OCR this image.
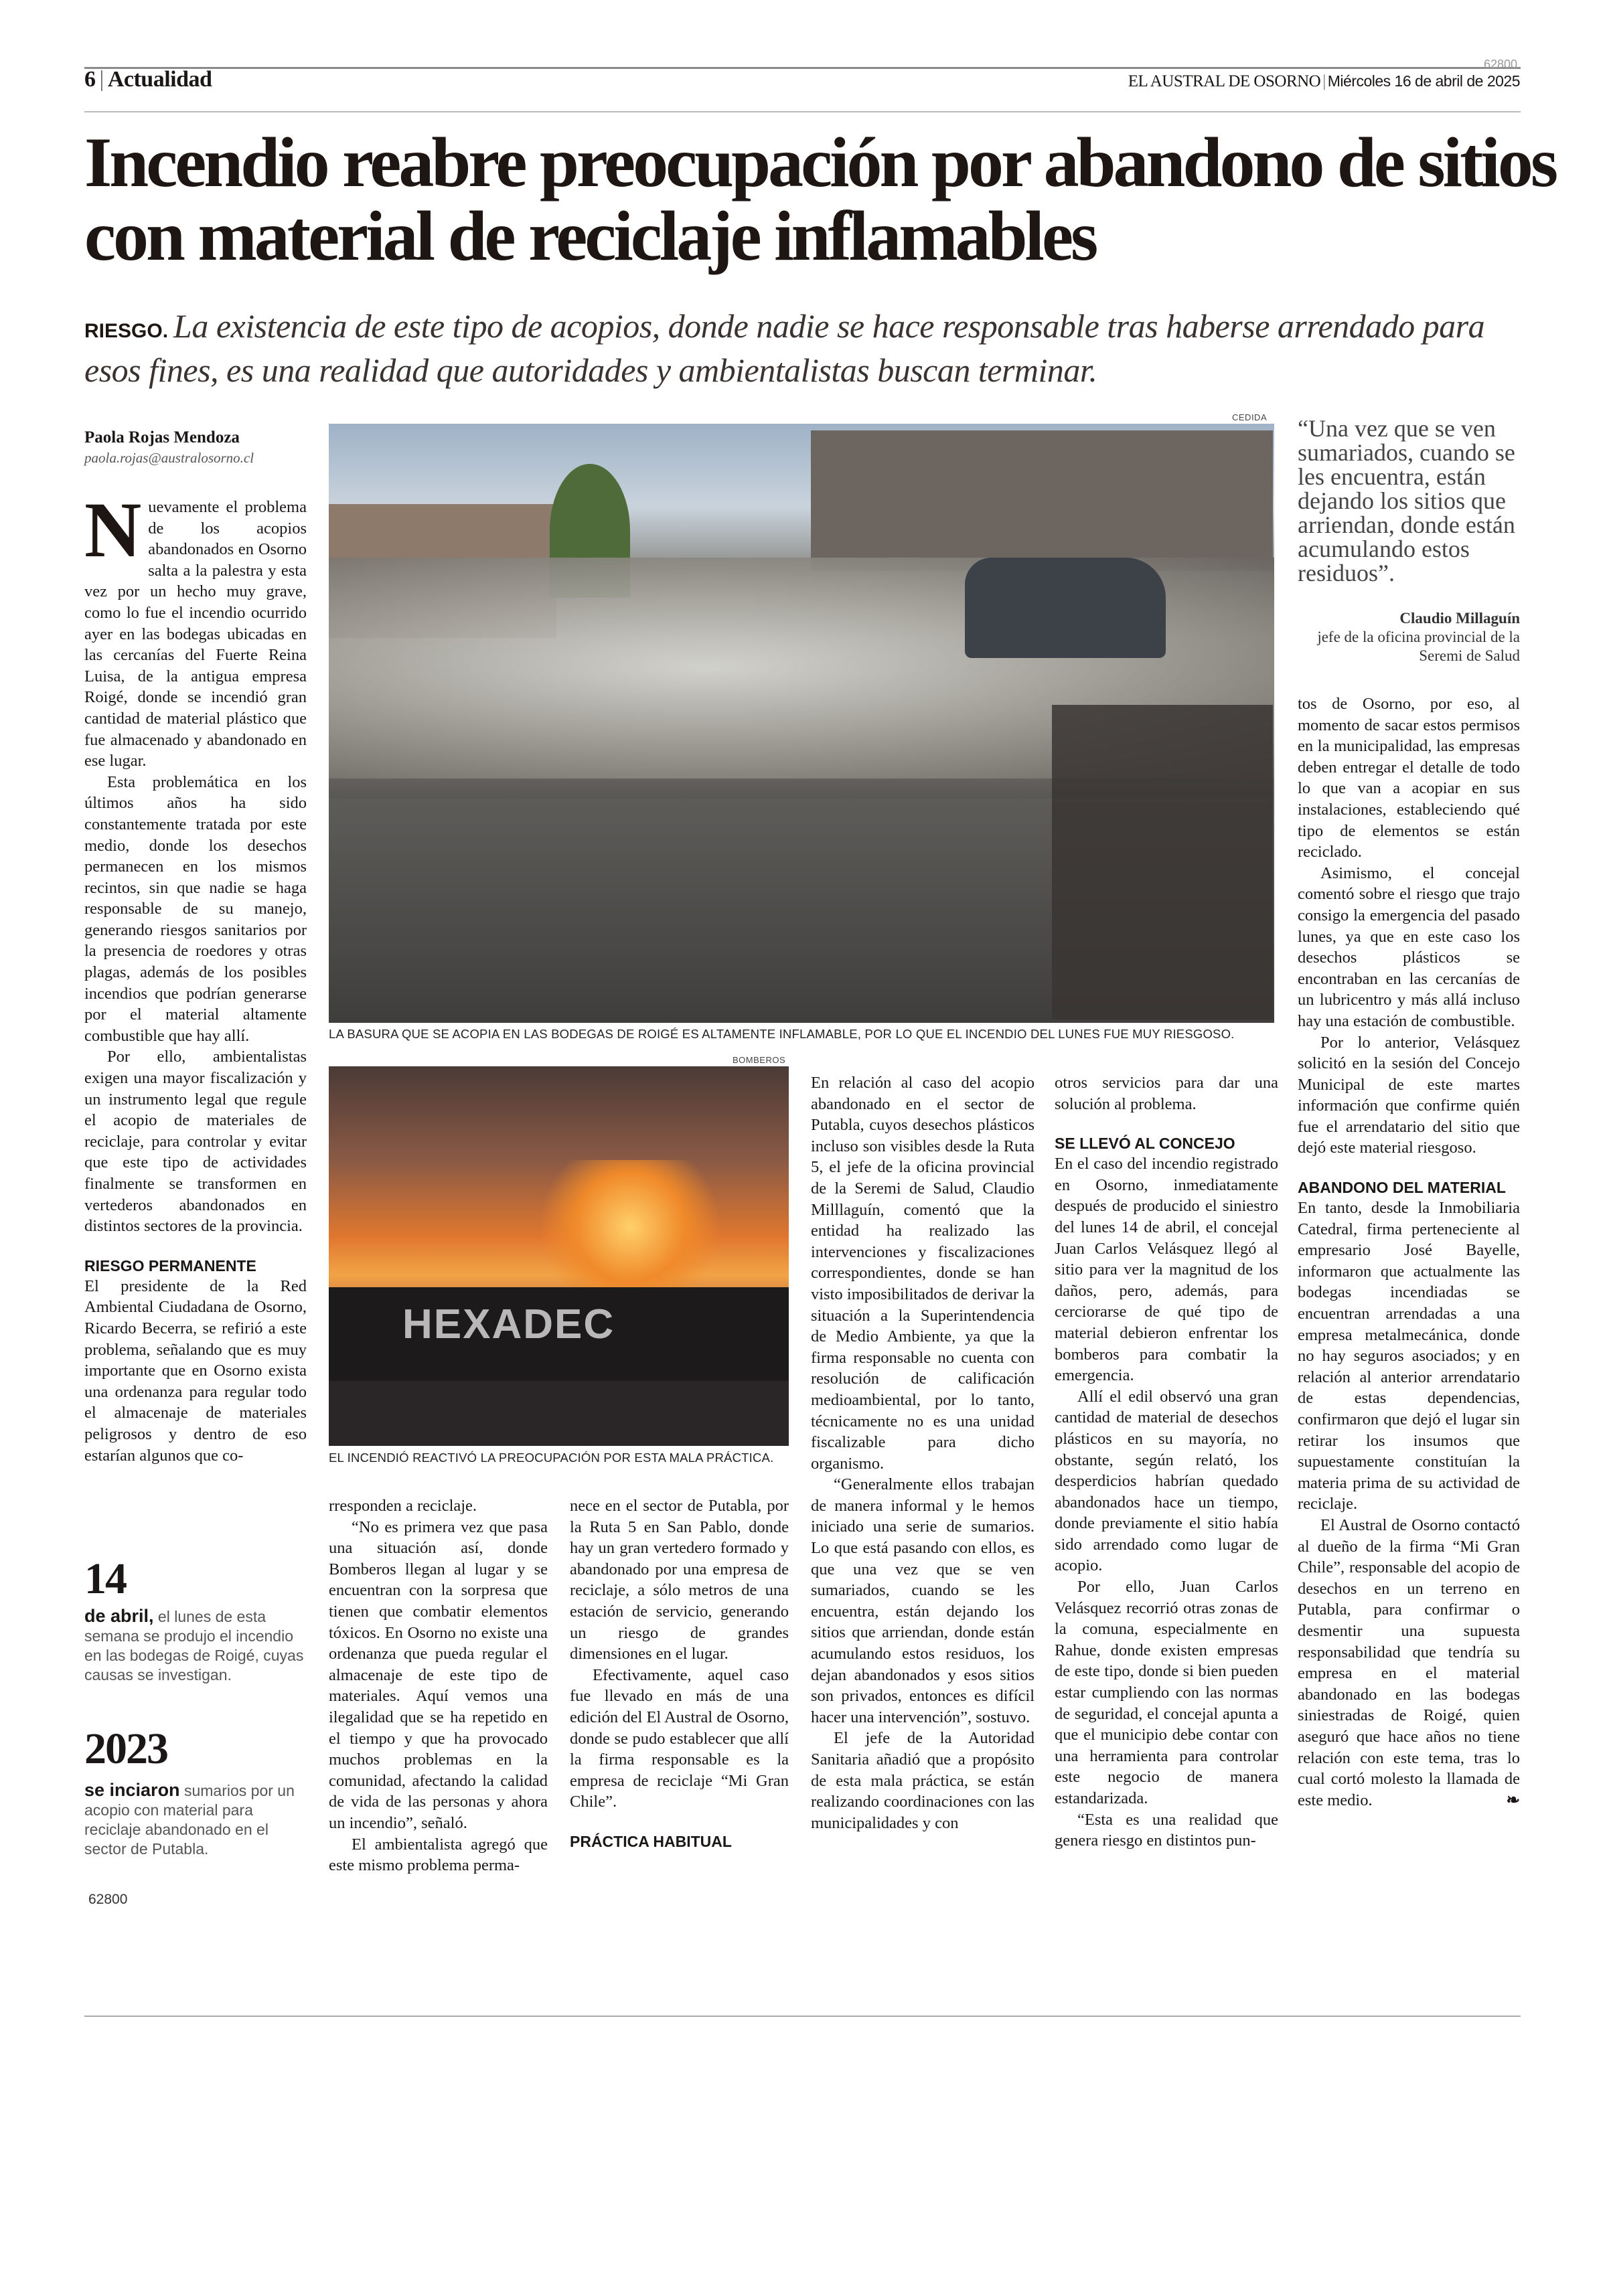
62800
6 | Actualidad	EL AUSTRAL DE OSORNO | Miércoles 16 de abril de 2025
Incendio reabre preocupación por abandono de sitios con material de reciclaje inflamables
RIESGO. La existencia de este tipo de acopios, donde nadie se hace responsable tras haberse arrendado para esos fines, es una realidad que autoridades y ambientalistas buscan terminar.
Paola Rojas Mendoza
paola.rojas@australosorno.cl
CEDIDA
LA BASURA QUE SE ACOPIA EN LAS BODEGAS DE ROIGÉ ES ALTAMENTE INFLAMABLE, POR LO QUE EL INCENDIO DEL LUNES FUE MUY RIESGOSO.
BOMBEROS
HEXADEC
EL INCENDIÓ REACTIVÓ LA PREOCUPACIÓN POR ESTA MALA PRÁCTICA.
“Una vez que se ven sumariados, cuando se les encuentra, están dejando los sitios que arriendan, donde están acumulando estos residuos”.
Claudio Millaguín
jefe de la oficina provincial de la Seremi de Salud

Nuevamente el problema de los acopios abandonados en Osorno salta a la palestra y esta vez por un hecho muy grave, como lo fue el incendio ocurrido ayer en las bodegas ubicadas en las cercanías del Fuerte Reina Luisa, de la antigua empresa Roigé, donde se incendió gran cantidad de material plástico que fue almacenado y abandonado en ese lugar.

Esta problemática en los últimos años ha sido constantemente tratada por este medio, donde los desechos permanecen en los mismos recintos, sin que nadie se haga responsable de su manejo, generando riesgos sanitarios por la presencia de roedores y otras plagas, además de los posibles incendios que podrían generarse por el material altamente combustible que hay allí.

Por ello, ambientalistas exigen una mayor fiscalización y un instrumento legal que regule el acopio de materiales de reciclaje, para controlar y evitar que este tipo de actividades finalmente se transformen en vertederos abandonados en distintos sectores de la provincia.

RIESGO PERMANENTE

El presidente de la Red Ambiental Ciudadana de Osorno, Ricardo Becerra, se refirió a este problema, señalando que es muy importante que en Osorno exista una ordenanza para regular todo el almacenaje de materiales peligrosos y dentro de eso estarían algunos que co-

rresponden a reciclaje.

“No es primera vez que pasa una situación así, donde Bomberos llegan al lugar y se encuentran con la sorpresa que tienen que combatir elementos tóxicos. En Osorno no existe una ordenanza que pueda regular el almacenaje de este tipo de materiales. Aquí vemos una ilegalidad que se ha repetido en el tiempo y que ha provocado muchos problemas en la comunidad, afectando la calidad de vida de las personas y ahora un incendio”, señaló.

El ambientalista agregó que este mismo problema perma-

nece en el sector de Putabla, por la Ruta 5 en San Pablo, donde hay un gran vertedero formado y abandonado por una empresa de reciclaje, a sólo metros de una estación de servicio, generando un riesgo de grandes dimensiones en el lugar.

Efectivamente, aquel caso fue llevado en más de una edición del El Austral de Osorno, donde se pudo establecer que allí la firma responsable es la empresa de reciclaje “Mi Gran Chile”.

PRÁCTICA HABITUAL

En relación al caso del acopio abandonado en el sector de Putabla, cuyos desechos plásticos incluso son visibles desde la Ruta 5, el jefe de la oficina provincial de la Seremi de Salud, Claudio Milllaguín, comentó que la entidad ha realizado las intervenciones y fiscalizaciones correspondientes, donde se han visto imposibilitados de derivar la situación a la Superintendencia de Medio Ambiente, ya que la firma responsable no cuenta con resolución de calificación medioambiental, por lo tanto, técnicamente no es una unidad fiscalizable para dicho organismo.

“Generalmente ellos trabajan de manera informal y le hemos iniciado una serie de sumarios. Lo que está pasando con ellos, es que una vez que se ven sumariados, cuando se les encuentra, están dejando los sitios que arriendan, donde están acumulando estos residuos, los dejan abandonados y esos sitios son privados, entonces es difícil hacer una intervención”, sostuvo.

El jefe de la Autoridad Sanitaria añadió que a propósito de esta mala práctica, se están realizando coordinaciones con las municipalidades y con

otros servicios para dar una solución al problema.

SE LLEVÓ AL CONCEJO

En el caso del incendio registrado en Osorno, inmediatamente después de producido el siniestro del lunes 14 de abril, el concejal Juan Carlos Velásquez llegó al sitio para ver la magnitud de los daños, pero, además, para cerciorarse de qué tipo de material debieron enfrentar los bomberos para combatir la emergencia.

Allí el edil observó una gran cantidad de material de desechos plásticos en su mayoría, no obstante, según relató, los desperdicios habrían quedado abandonados hace un tiempo, donde previamente el sitio había sido arrendado como lugar de acopio.

Por ello, Juan Carlos Velásquez recorrió otras zonas de la comuna, especialmente en Rahue, donde existen empresas de este tipo, donde si bien pueden estar cumpliendo con las normas de seguridad, el concejal apunta a que el municipio debe contar con una herramienta para controlar este negocio de manera estandarizada.

“Esta es una realidad que genera riesgo en distintos pun-

tos de Osorno, por eso, al momento de sacar estos permisos en la municipalidad, las empresas deben entregar el detalle de todo lo que van a acopiar en sus instalaciones, estableciendo qué tipo de elementos se están reciclado.

Asimismo, el concejal comentó sobre el riesgo que trajo consigo la emergencia del pasado lunes, ya que en este caso los desechos plásticos se encontraban en las cercanías de un lubricentro y más allá incluso hay una estación de combustible.

Por lo anterior, Velásquez solicitó en la sesión del Concejo Municipal de este martes información que confirme quién fue el arrendatario del sitio que dejó este material riesgoso.

ABANDONO DEL MATERIAL

En tanto, desde la Inmobiliaria Catedral, firma perteneciente al empresario José Bayelle, informaron que actualmente las bodegas incendiadas se encuentran arrendadas a una empresa metalmecánica, donde no hay seguros asociados; y en relación al anterior arrendatario de estas dependencias, confirmaron que dejó el lugar sin retirar los insumos que supuestamente constituían la materia prima de su actividad de reciclaje.

El Austral de Osorno contactó al dueño de la firma “Mi Gran Chile”, responsable del acopio de desechos en un terreno en Putabla, para confirmar o desmentir una supuesta responsabilidad que tendría su empresa en el material abandonado en las bodegas siniestradas de Roigé, quien aseguró que hace años no tiene relación con este tema, tras lo cual cortó molesto la llamada de este medio.	❧

14
de abril, el lunes de esta semana se produjo el incendio en las bodegas de Roigé, cuyas causas se investigan.
2023
se inciaron sumarios por un acopio con material para reciclaje abandonado en el sector de Putabla.
62800
